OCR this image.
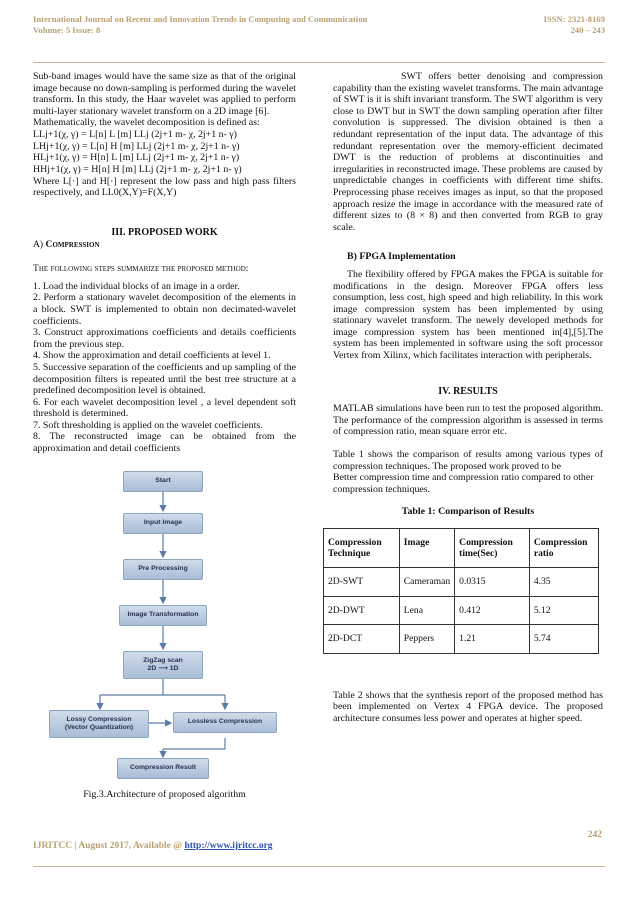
International Journal on Recent and Innovation Trends in Computing and Communication	ISSN: 2321-8169
Volume: 5 Issue: 8	240 – 243

Sub-band images would have the same size as that of the original image because no down-sampling is performed during the wavelet transform. In this study, the Haar wavelet was applied to perform multi-layer stationary wavelet transform on a 2D image [6].

Mathematically, the wavelet decomposition is defined as:

LLj+1(χ, γ) = L[n] L [m] LLj (2j+1 m- χ, 2j+1 n- γ)

LHj+1(χ, γ) = L[n] H [m] LLj (2j+1 m- χ, 2j+1 n- γ)

HLj+1(χ, γ) = H[n] L [m] LLj (2j+1 m- χ, 2j+1 n- γ)

HHj+1(χ, γ) = H[n] H [m] LLj (2j+1 m- χ, 2j+1 n- γ)

Where L[·] and H[·] represent the low pass and high pass filters respectively, and LL0(X,Y)=F(X,Y)

III. PROPOSED WORK

A) Compression

The following steps summarize the proposed method:

1. Load the individual blocks of an image in a order.

2. Perform a stationary wavelet decomposition of the elements in a block. SWT is implemented to obtain non decimated-wavelet coefficients.

3. Construct approximations coefficients and details coefficients from the previous step.

4. Show the approximation and detail coefficients at level 1.

5. Successive separation of the coefficients and up sampling of the decomposition filters is repeated until the best tree structure at a predefined decomposition level is obtained.

6. For each wavelet decomposition level , a level dependent soft threshold is determined.

7. Soft thresholding is applied on the wavelet coefficients.

8. The reconstructed image can be obtained from the approximation and detail coefficients

Start
Input Image
Pre Processing
Image Transformation
ZigZag scan
2D ⟶ 1D
Lossy Compression
(Vector Quantization)
Lossless Compression
Compression Result

Fig.3.Architecture of proposed algorithm

SWT offers better denoising and compression capability than the existing wavelet transforms. The main advantage of SWT is it is shift invariant transform. The SWT algorithm is very close to DWT but in SWT the down sampling operation after filter convolution is suppressed. The division obtained is then a redundant representation of the input data. The advantage of this redundant representation over the memory-efficient decimated DWT is the reduction of problems at discontinuities and irregularities in reconstructed image. These problems are caused by unpredictable changes in coefficients with different time shifts. Preprocessing phase receives images as input, so that the proposed approach resize the image in accordance with the measured rate of different sizes to (8 × 8) and then converted from RGB to gray scale.

B) FPGA Implementation

The flexibility offered by FPGA makes the FPGA is suitable for modifications in the design. Moreover FPGA offers less consumption, less cost, high speed and high reliability. In this work image compression system has been implemented by using stationary wavelet transform. The newely developed methods for image compression system has been mentioned in[4],[5].The system has been implemented in software using the soft processor Vertex from Xilinx, which facilitates interaction with peripherals.

IV. RESULTS

MATLAB simulations have been run to test the proposed algorithm. The performance of the compression algorithm is assessed in terms of compression ratio, mean square error etc.

Table 1 shows the comparison of results among various types of compression techniques. The proposed work proved to be

Better compression time and compression ratio compared to other compression techniques.

Table 1: Comparison of Results

Compression Technique	Image	Compression time(Sec)	Compression ratio
2D-SWT	Cameraman	0.0315	4.35
2D-DWT	Lena	0.412	5.12
2D-DCT	Peppers	1.21	5.74

Table 2 shows that the synthesis report of the proposed method has been implemented on Vertex 4 FPGA device. The proposed architecture consumes less power and operates at higher speed.

242
IJRITCC | August 2017, Available @ http://www.ijritcc.org
